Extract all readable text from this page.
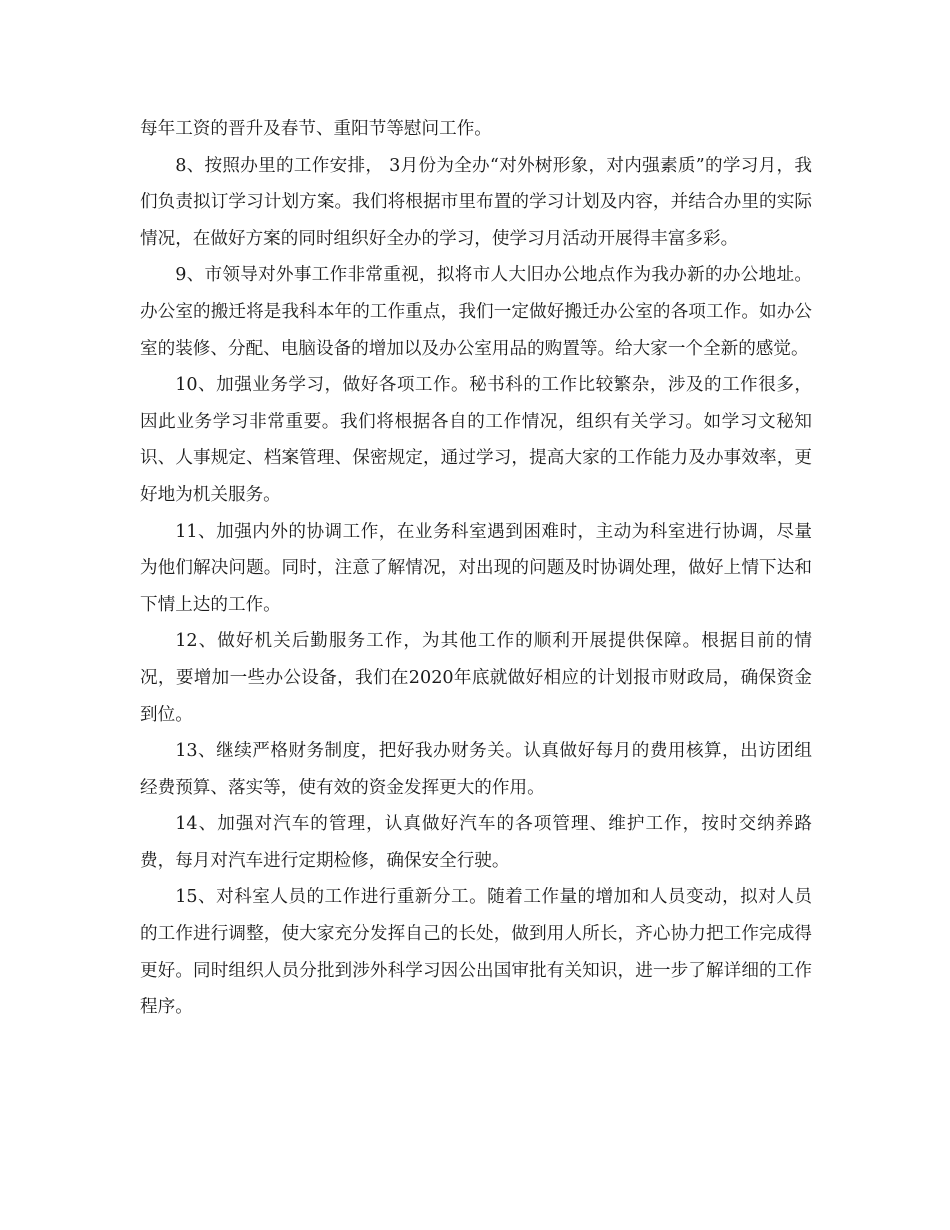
每年工资的晋升及春节、重阳节等慰问工作。

8、按照办里的工作安排， 3月份为全办“对外树形象，对内强素质”的学习月，我们负责拟订学习计划方案。我们将根据市里布置的学习计划及内容，并结合办里的实际情况，在做好方案的同时组织好全办的学习，使学习月活动开展得丰富多彩。

9、市领导对外事工作非常重视，拟将市人大旧办公地点作为我办新的办公地址。办公室的搬迁将是我科本年的工作重点，我们一定做好搬迁办公室的各项工作。如办公室的装修、分配、电脑设备的增加以及办公室用品的购置等。给大家一个全新的感觉。

10、加强业务学习，做好各项工作。秘书科的工作比较繁杂，涉及的工作很多，因此业务学习非常重要。我们将根据各自的工作情况，组织有关学习。如学习文秘知识、人事规定、档案管理、保密规定，通过学习，提高大家的工作能力及办事效率，更好地为机关服务。

11、加强内外的协调工作，在业务科室遇到困难时，主动为科室进行协调，尽量为他们解决问题。同时，注意了解情况，对出现的问题及时协调处理，做好上情下达和下情上达的工作。

12、做好机关后勤服务工作，为其他工作的顺利开展提供保障。根据目前的情况，要增加一些办公设备，我们在2020年底就做好相应的计划报市财政局，确保资金到位。

13、继续严格财务制度，把好我办财务关。认真做好每月的费用核算，出访团组经费预算、落实等，使有效的资金发挥更大的作用。

14、加强对汽车的管理，认真做好汽车的各项管理、维护工作，按时交纳养路费，每月对汽车进行定期检修，确保安全行驶。

15、对科室人员的工作进行重新分工。随着工作量的增加和人员变动，拟对人员的工作进行调整，使大家充分发挥自己的长处，做到用人所长，齐心协力把工作完成得更好。同时组织人员分批到涉外科学习因公出国审批有关知识，进一步了解详细的工作程序。
